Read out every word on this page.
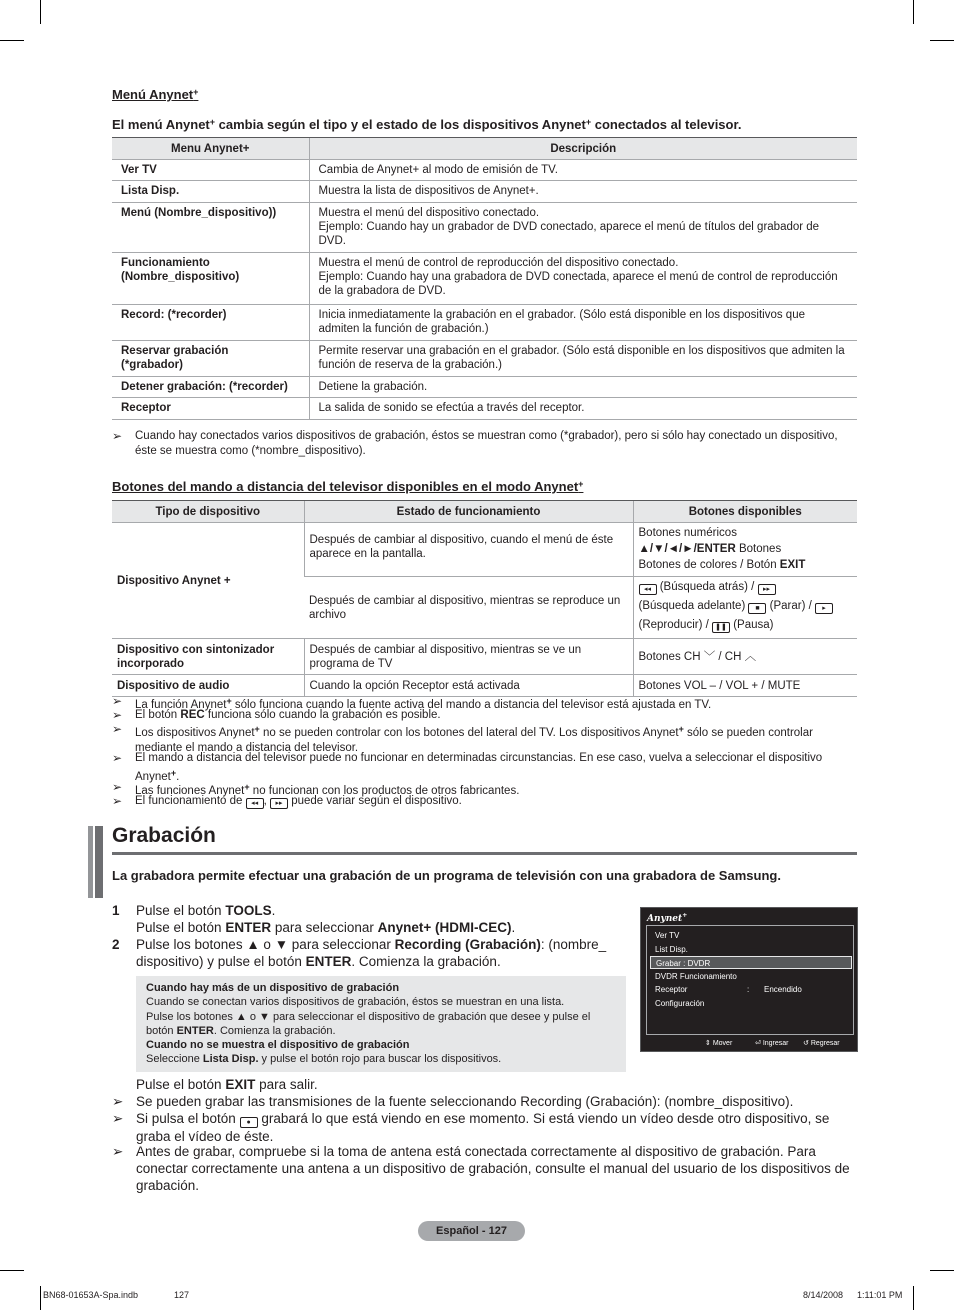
Menú Anynet+
El menú Anynet+ cambia según el tipo y el estado de los dispositivos Anynet+ conectados al televisor.
Menu Anynet+	Descripción
Ver TV	Cambia de Anynet+ al modo de emisión de TV.
Lista Disp.	Muestra la lista de dispositivos de Anynet+.
Menú (Nombre_dispositivo))	Muestra el menú del dispositivo conectado.
Ejemplo: Cuando hay un grabador de DVD conectado, aparece el menú de títulos del grabador de DVD.
Funcionamiento
(Nombre_dispositivo)	Muestra el menú de control de reproducción del dispositivo conectado.
Ejemplo: Cuando hay una grabadora de DVD conectada, aparece el menú de control de reproducción de la grabadora de DVD.
Record: (*recorder)	Inicia inmediatamente la grabación en el grabador. (Sólo está disponible en los dispositivos que admiten la función de grabación.)
Reservar grabación
(*grabador)	Permite reservar una grabación en el grabador. (Sólo está disponible en los dispositivos que admiten la función de reserva de la grabación.)
Detener grabación: (*recorder)	Detiene la grabación.
Receptor	La salida de sonido se efectúa a través del receptor.
➢ Cuando hay conectados varios dispositivos de grabación, éstos se muestran como (*grabador), pero si sólo hay conectado un dispositivo, éste se muestra como (*nombre_dispositivo).
Botones del mando a distancia del televisor disponibles en el modo Anynet+
Tipo de dispositivo	Estado de funcionamiento	Botones disponibles
Dispositivo Anynet +	Después de cambiar al dispositivo, cuando el menú de éste aparece en la pantalla.	Botones numéricos
▲/▼/◄/►/ENTER Botones
Botones de colores / Botón EXIT

	Después de cambiar al dispositivo, mientras se reproduce un archivo	◂◂ (Búsqueda atrás) / ▸▸
(Búsqueda adelante) ■ (Parar) / ▸
(Reproducir) / ❚❚ (Pausa)

Dispositivo con sintonizador
incorporado	Después de cambiar al dispositivo, mientras se ve un programa de TV	Botones CH ﹀ / CH ︿
Dispositivo de audio	Cuando la opción Receptor está activada	Botones VOL – / VOL + / MUTE
➢ La función Anynet+ sólo funciona cuando la fuente activa del mando a distancia del televisor está ajustada en TV.
➢ El botón REC funciona sólo cuando la grabación es posible.
➢ Los dispositivos Anynet+ no se pueden controlar con los botones del lateral del TV. Los dispositivos Anynet+ sólo se pueden controlar mediante el mando a distancia del televisor.
➢ El mando a distancia del televisor puede no funcionar en determinadas circunstancias. En ese caso, vuelva a seleccionar el dispositivo Anynet+.
➢ Las funciones Anynet+ no funcionan con los productos de otros fabricantes.
➢ El funcionamiento de ◂◂ , ▸▸ puede variar según el dispositivo.
Grabación
La grabadora permite efectuar una grabación de un programa de televisión con una grabadora de Samsung.
1 Pulse el botón TOOLS.
Pulse el botón ENTER para seleccionar Anynet+ (HDMI-CEC).
2 Pulse los botones ▲ o ▼ para seleccionar Recording (Grabación): (nombre_ dispositivo) y pulse el botón ENTER. Comienza la grabación.
Cuando hay más de un dispositivo de grabación
Cuando se conectan varios dispositivos de grabación, éstos se muestran en una lista.
Pulse los botones ▲ o ▼ para seleccionar el dispositivo de grabación que desee y pulse el botón ENTER. Comienza la grabación.
Cuando no se muestra el dispositivo de grabación
Seleccione Lista Disp. y pulse el botón rojo para buscar los dispositivos.
Anynet+
Ver TV
List Disp.
Grabar : DVDR
DVDR Funcionamiento
Receptor	: Encendido
Configuración
⇕ Mover	⏎ Ingresar ↺ Regresar
Pulse el botón EXIT para salir.
➢ Se pueden grabar las transmisiones de la fuente seleccionando Recording (Grabación): (nombre_dispositivo).
➢ Si pulsa el botón ● grabará lo que está viendo en ese momento. Si está viendo un vídeo desde otro dispositivo, se graba el vídeo de éste.
➢ Antes de grabar, compruebe si la toma de antena está conectada correctamente al dispositivo de grabación. Para conectar correctamente una antena a un dispositivo de grabación, consulte el manual del usuario de los dispositivos de grabación.
Español - 127
BN68-01653A-Spa.indb	127	8/14/2008 1:11:01 PM
